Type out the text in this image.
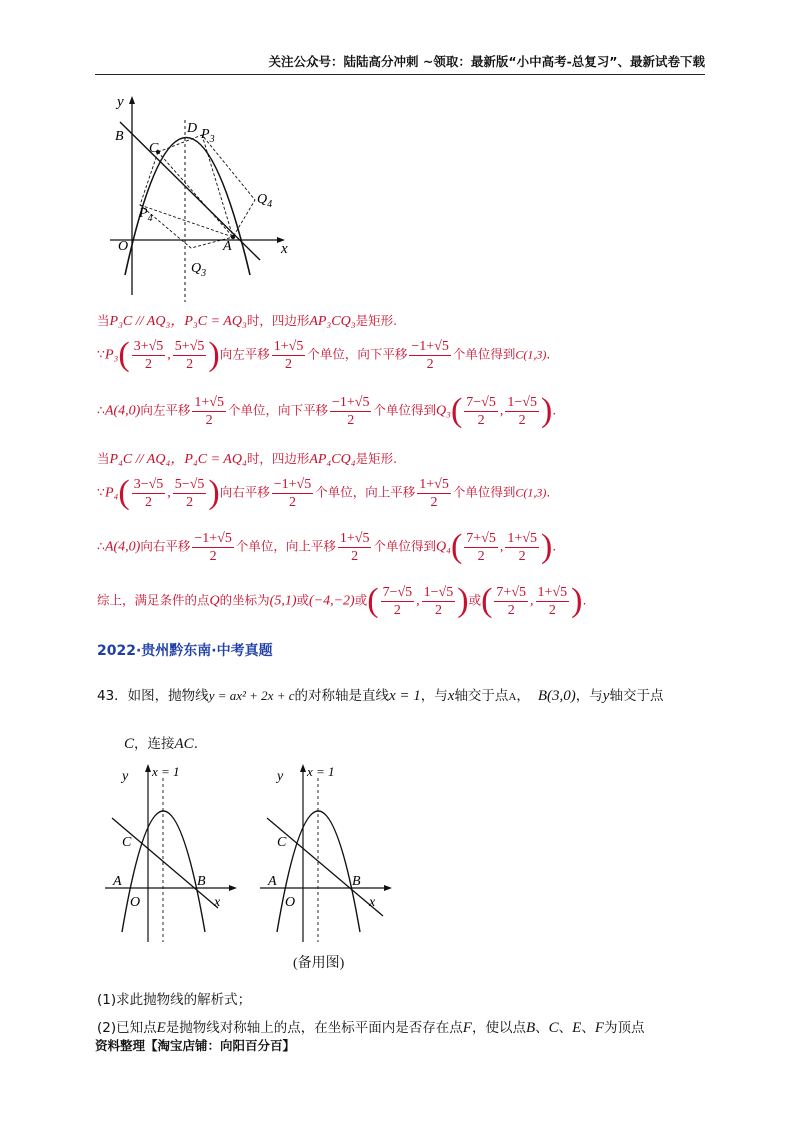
关注公众号：陆陆高分冲刺 ~领取：最新版“小中高考-总复习”、最新试卷下载
y
x
B
C
D $P_3$
$Q_4$
$P_4$
O	A
$Q_3$
当P₃C // AQ₃，P₃C = AQ₃时，四边形AP₃CQ₃是矩形.
∵P₃( $\frac{3+√5}{2}$ , $\frac{5+√5}{2}$ )向左平移 $\frac{1+√5}{2}$ 个单位，向下平移 $\frac{-1+√5}{2}$ 个单位得到C(1,3).
∴A(4,0)向左平移 $\frac{1+√5}{2}$ 个单位，向下平移 $\frac{-1+√5}{2}$ 个单位得到$Q_3( \frac{7-√5}{2}$ , $\frac{1-√5}{2}$ ).
当P₄C // AQ₄，P₄C = AQ₄时，四边形AP₄CQ₄是矩形.
∵P₄( $\frac{3-√5}{2}$ , $\frac{5-√5}{2}$ )向右平移 $\frac{-1+√5}{2}$ 个单位，向上平移 $\frac{1+√5}{2}$ 个单位得到C(1,3).
∴A(4,0)向右平移 $\frac{-1+√5}{2}$ 个单位，向上平移 $\frac{1+√5}{2}$ 个单位得到$Q_4( \frac{7+√5}{2}$ , $\frac{1+√5}{2}$ ).
综上，满足条件的点Q的坐标为(5,1)或(−4,−2)或( $\frac{7-√5}{2}$ , $\frac{1-√5}{2}$ )或( $\frac{7+√5}{2}$ , $\frac{1+√5}{2}$ ).
2022·贵州黔东南·中考真题
43．如图，抛物线y = ax² + 2x + c的对称轴是直线x = 1，与x轴交于点A， B(3,0)，与y轴交于点
C，连接AC.
y x = 1
C
A	B
O	x
y x = 1
C
A	B
O	x
(备用图)
(1)求此抛物线的解析式；
(2)已知点E是抛物线对称轴上的点，在坐标平面内是否存在点F，使以点B、C、E、F为顶点
资料整理【淘宝店铺：向阳百分百】
